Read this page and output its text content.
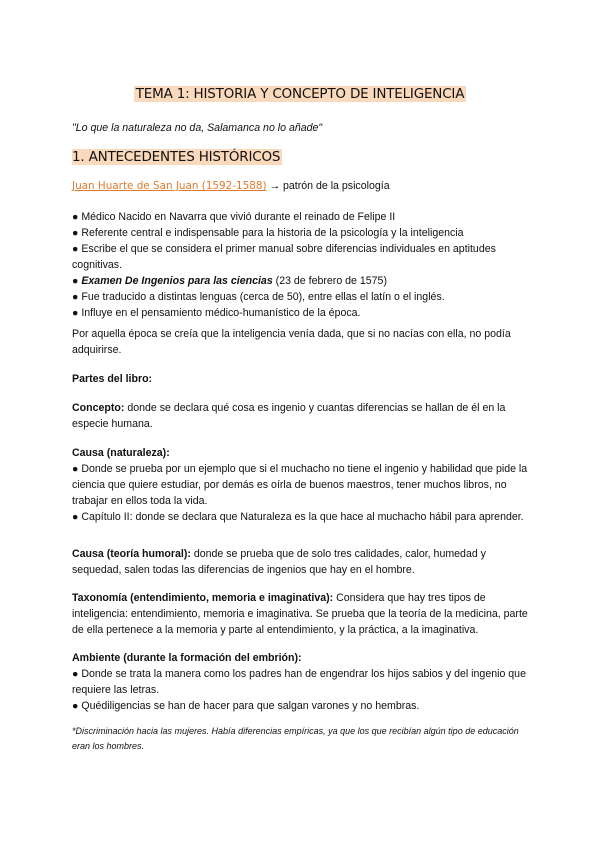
TEMA 1: HISTORIA Y CONCEPTO DE INTELIGENCIA
"Lo que la naturaleza no da, Salamanca no lo añade"
1. ANTECEDENTES HISTÓRICOS
Juan Huarte de San Juan (1592-1588) → patrón de la psicología
● Médico Nacido en Navarra que vivió durante el reinado de Felipe II
● Referente central e indispensable para la historia de la psicología y la inteligencia
● Escribe el que se considera el primer manual sobre diferencias individuales en aptitudes cognitivas.
● Examen De Ingenios para las ciencias (23 de febrero de 1575)
● Fue traducido a distintas lenguas (cerca de 50), entre ellas el latín o el inglés.
● Influye en el pensamiento médico-humanístico de la época.
Por aquella época se creía que la inteligencia venía dada, que si no nacías con ella, no podía adquirirse.
Partes del libro:
Concepto: donde se declara qué cosa es ingenio y cuantas diferencias se hallan de él en la especie humana.
Causa (naturaleza):
● Donde se prueba por un ejemplo que si el muchacho no tiene el ingenio y habilidad que pide la ciencia que quiere estudiar, por demás es oírla de buenos maestros, tener muchos libros, no trabajar en ellos toda la vida.
● Capítulo II: donde se declara que Naturaleza es la que hace al muchacho hábil para aprender.
Causa (teoría humoral): donde se prueba que de solo tres calidades, calor, humedad y sequedad, salen todas las diferencias de ingenios que hay en el hombre.
Taxonomía (entendimiento, memoria e imaginativa): Considera que hay tres tipos de inteligencia: entendimiento, memoria e imaginativa. Se prueba que la teoría de la medicina, parte de ella pertenece a la memoria y parte al entendimiento, y la práctica, a la imaginativa.
Ambiente (durante la formación del embrión):
● Donde se trata la manera como los padres han de engendrar los hijos sabios y del ingenio que requiere las letras.
● Quédiligencias se han de hacer para que salgan varones y no hembras.
*Discriminación hacia las mujeres. Había diferencias empíricas, ya que los que recibían algún tipo de educación eran los hombres.
